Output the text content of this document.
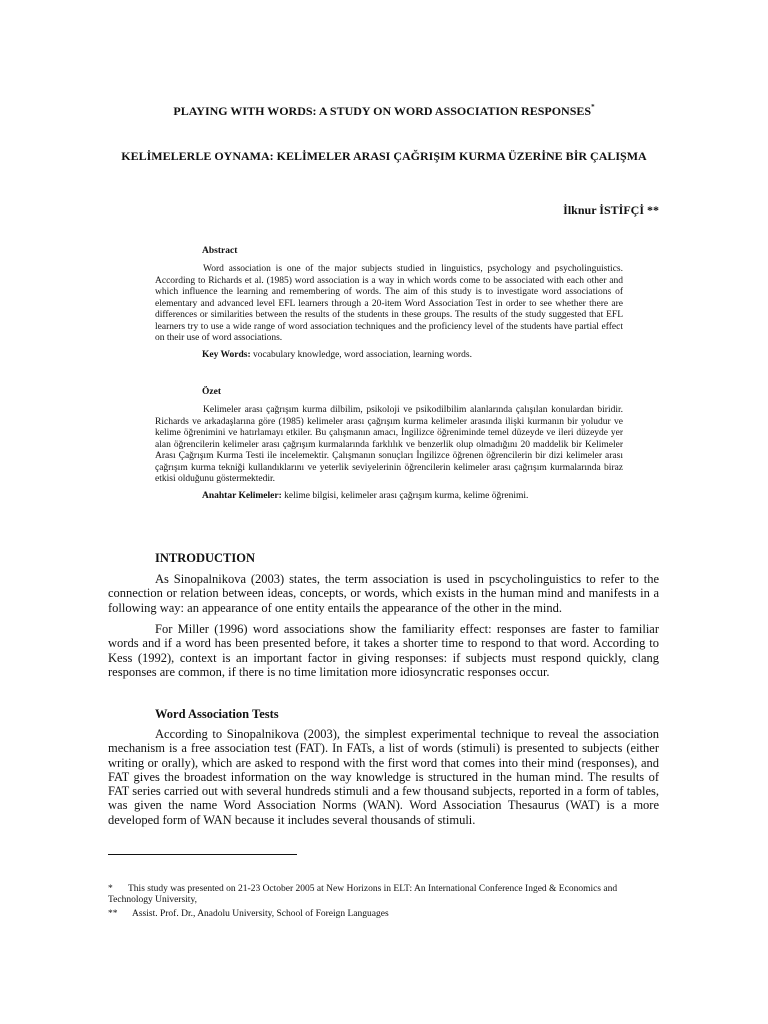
PLAYING WITH WORDS: A STUDY ON WORD ASSOCIATION RESPONSES*
KELİMELERLE OYNAMA: KELİMELER ARASI ÇAĞRIŞIM KURMA ÜZERİNE BİR ÇALIŞMA
İlknur İSTİFÇİ **
Abstract

Word association is one of the major subjects studied in linguistics, psychology and psycholinguistics. According to Richards et al. (1985) word association is a way in which words come to be associated with each other and which influence the learning and remembering of words. The aim of this study is to investigate word associations of elementary and advanced level EFL learners through a 20-item Word Association Test in order to see whether there are differences or similarities between the results of the students in these groups. The results of the study suggested that EFL learners try to use a wide range of word association techniques and the proficiency level of the students have partial effect on their use of word associations.

Key Words: vocabulary knowledge, word association, learning words.
Özet

Kelimeler arası çağrışım kurma dilbilim, psikoloji ve psikodilbilim alanlarında çalışılan konulardan biridir. Richards ve arkadaşlarına göre (1985) kelimeler arası çağrışım kurma kelimeler arasında ilişki kurmanın bir yoludur ve kelime öğrenimini ve hatırlamayı etkiler. Bu çalışmanın amacı, İngilizce öğreniminde temel düzeyde ve ileri düzeyde yer alan öğrencilerin kelimeler arası çağrışım kurmalarında farklılık ve benzerlik olup olmadığını 20 maddelik bir Kelimeler Arası Çağrışım Kurma Testi ile incelemektir. Çalışmanın sonuçları İngilizce öğrenen öğrencilerin bir dizi kelimeler arası çağrışım kurma tekniği kullandıklarını ve yeterlik seviyelerinin öğrencilerin kelimeler arası çağrışım kurmalarında biraz etkisi olduğunu göstermektedir.

Anahtar Kelimeler: kelime bilgisi, kelimeler arası çağrışım kurma, kelime öğrenimi.
INTRODUCTION

As Sinopalnikova (2003) states, the term association is used in pscycholinguistics to refer to the connection or relation between ideas, concepts, or words, which exists in the human mind and manifests in a following way: an appearance of one entity entails the appearance of the other in the mind.

For Miller (1996) word associations show the familiarity effect: responses are faster to familiar words and if a word has been presented before, it takes a shorter time to respond to that word. According to Kess (1992), context is an important factor in giving responses: if subjects must respond quickly, clang responses are common, if there is no time limitation more idiosyncratic responses occur.

Word Association Tests

According to Sinopalnikova (2003), the simplest experimental technique to reveal the association mechanism is a free association test (FAT). In FATs, a list of words (stimuli) is presented to subjects (either writing or orally), which are asked to respond with the first word that comes into their mind (responses), and FAT gives the broadest information on the way knowledge is structured in the human mind. The results of FAT series carried out with several hundreds stimuli and a few thousand subjects, reported in a form of tables, was given the name Word Association Norms (WAN). Word Association Thesaurus (WAT) is a more developed form of WAN because it includes several thousands of stimuli.

* This study was presented on 21-23 October 2005 at New Horizons in ELT: An International Conference Inged & Economics and Technology University,

** Assist. Prof. Dr., Anadolu University, School of Foreign Languages
